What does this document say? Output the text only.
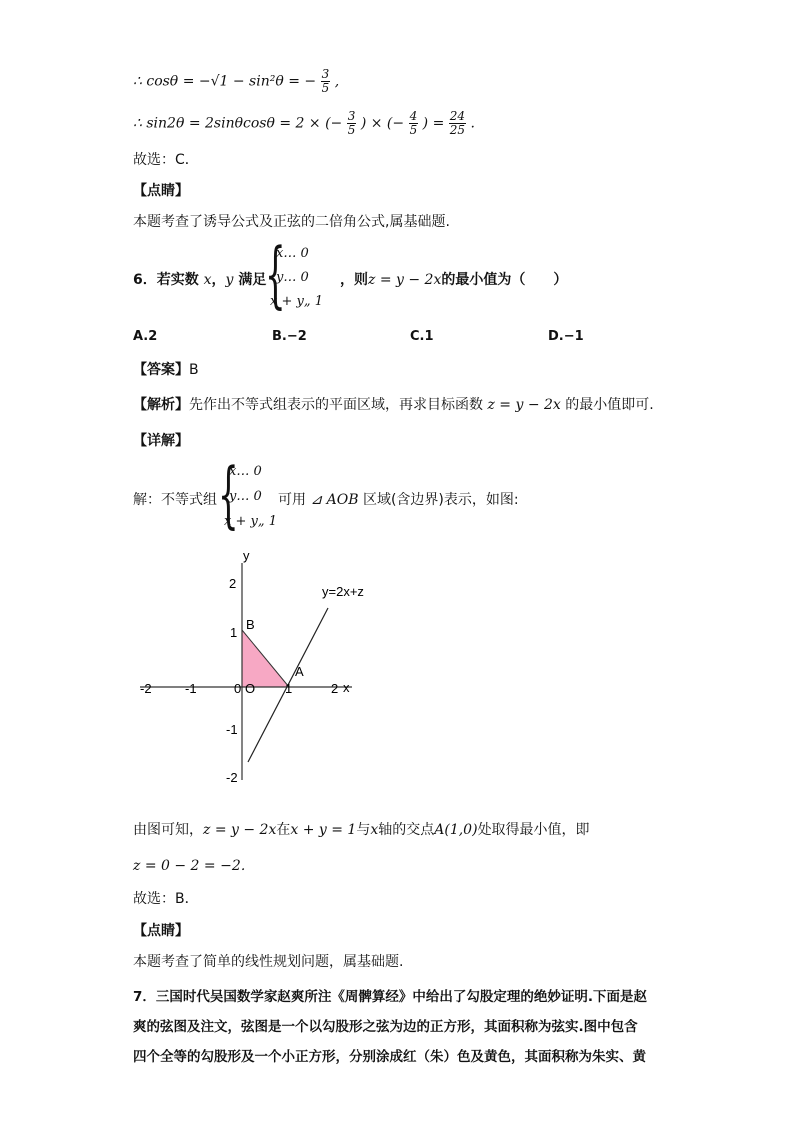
∴ cosθ = −√1 − sin²θ = − $\frac{3}{5}$ ,
∴ sin2θ = 2sinθcosθ = 2 × (− $\frac{3}{5}$ ) × (− $\frac{4}{5}$ ) = $\frac{24}{25}$ .
故选：C．
【点睛】
本题考查了诱导公式及正弦的二倍角公式,属基础题.
6．若实数 x，y 满足
{
x… 0
y… 0
x + y„ 1
，则z = y − 2x的最小值为（　　）
A.2	B.−2	C.1	D.−1
【答案】B
【解析】先作出不等式组表示的平面区域，再求目标函数 z = y − 2x 的最小值即可.
【详解】
解：不等式组 {
x… 0
y… 0
x + y„ 1
可用 ⊿ AOB 区域(含边界)表示，如图:
y
x
-2	-1	0	1	2
2
1
-1
-2
O
A
B
y=2x+z
由图可知，z = y − 2x在x + y = 1与x轴的交点A(1,0)处取得最小值，即
z = 0 − 2 = −2．
故选：B．
【点睛】
本题考查了简单的线性规划问题，属基础题.
7．三国时代吴国数学家赵爽所注《周髀算经》中给出了勾股定理的绝妙证明.下面是赵
爽的弦图及注文，弦图是一个以勾股形之弦为边的正方形，其面积称为弦实.图中包含
四个全等的勾股形及一个小正方形，分别涂成红（朱）色及黄色，其面积称为朱实、黄
